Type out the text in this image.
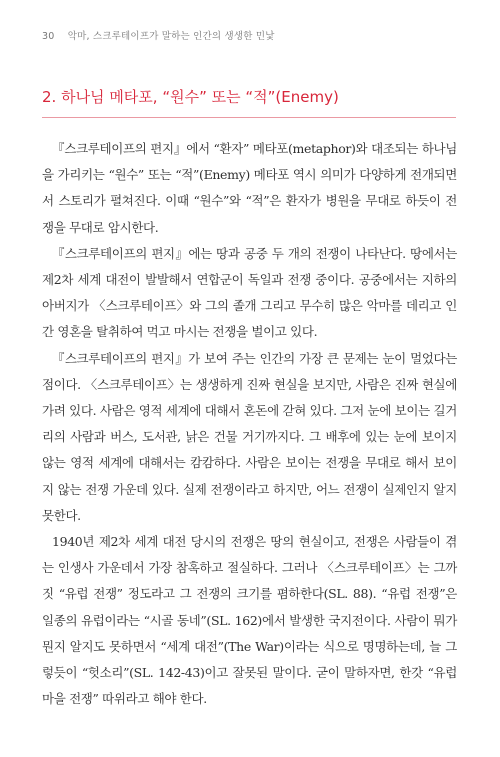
30 악마, 스크루테이프가 말하는 인간의 생생한 민낯
2. 하나님 메타포, “원수” 또는 “적”(Enemy)

『스크루테이프의 편지』에서 “환자” 메타포(metaphor)와 대조되는 하나님을 가리키는 “원수” 또는 “적”(Enemy) 메타포 역시 의미가 다양하게 전개되면서 스토리가 펼쳐진다. 이때 “원수”와 “적”은 환자가 병원을 무대로 하듯이 전쟁을 무대로 암시한다.

『스크루테이프의 편지』에는 땅과 공중 두 개의 전쟁이 나타난다. 땅에서는 제2차 세계 대전이 발발해서 연합군이 독일과 전쟁 중이다. 공중에서는 지하의 아버지가 〈스크루테이프〉와 그의 졸개 그리고 무수히 많은 악마를 데리고 인간 영혼을 탈취하여 먹고 마시는 전쟁을 벌이고 있다.

『스크루테이프의 편지』가 보여 주는 인간의 가장 큰 문제는 눈이 멀었다는 점이다. 〈스크루테이프〉는 생생하게 진짜 현실을 보지만, 사람은 진짜 현실에 가려 있다. 사람은 영적 세계에 대해서 혼돈에 갇혀 있다. 그저 눈에 보이는 길거리의 사람과 버스, 도서관, 낡은 건물 거기까지다. 그 배후에 있는 눈에 보이지 않는 영적 세계에 대해서는 캄캄하다. 사람은 보이는 전쟁을 무대로 해서 보이지 않는 전쟁 가운데 있다. 실제 전쟁이라고 하지만, 어느 전쟁이 실제인지 알지 못한다.

1940년 제2차 세계 대전 당시의 전쟁은 땅의 현실이고, 전쟁은 사람들이 겪는 인생사 가운데서 가장 참혹하고 절실하다. 그러나 〈스크루테이프〉는 그까짓 “유럽 전쟁” 정도라고 그 전쟁의 크기를 폄하한다(SL. 88). “유럽 전쟁”은 일종의 유럽이라는 “시골 동네”(SL. 162)에서 발생한 국지전이다. 사람이 뭐가 뭔지 알지도 못하면서 “세계 대전”(The War)이라는 식으로 명명하는데, 늘 그렇듯이 “헛소리”(SL. 142-43)이고 잘못된 말이다. 굳이 말하자면, 한갓 “유럽 마을 전쟁” 따위라고 해야 한다.
